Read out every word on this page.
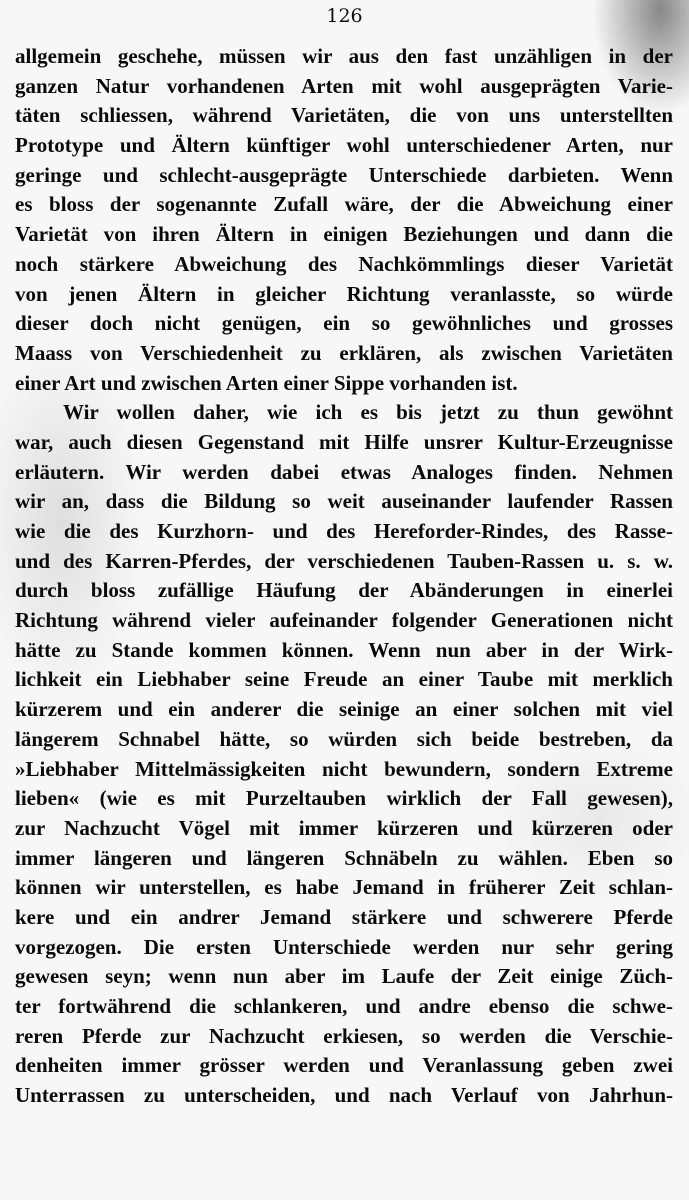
126
allgemein geschehe, müssen wir aus den fast unzähligen in der
ganzen Natur vorhandenen Arten mit wohl ausgeprägten Varie-
täten schliessen, während Varietäten, die von uns unterstellten
Prototype und Ältern künftiger wohl unterschiedener Arten, nur
geringe und schlecht-ausgeprägte Unterschiede darbieten. Wenn
es bloss der sogenannte Zufall wäre, der die Abweichung einer
Varietät von ihren Ältern in einigen Beziehungen und dann die
noch stärkere Abweichung des Nachkömmlings dieser Varietät
von jenen Ältern in gleicher Richtung veranlasste, so würde
dieser doch nicht genügen, ein so gewöhnliches und grosses
Maass von Verschiedenheit zu erklären, als zwischen Varietäten
einer Art und zwischen Arten einer Sippe vorhanden ist.
Wir wollen daher, wie ich es bis jetzt zu thun gewöhnt
war, auch diesen Gegenstand mit Hilfe unsrer Kultur-Erzeugnisse
erläutern. Wir werden dabei etwas Analoges finden. Nehmen
wir an, dass die Bildung so weit auseinander laufender Rassen
wie die des Kurzhorn- und des Hereforder-Rindes, des Rasse-
und des Karren-Pferdes, der verschiedenen Tauben-Rassen u. s. w.
durch bloss zufällige Häufung der Abänderungen in einerlei
Richtung während vieler aufeinander folgender Generationen nicht
hätte zu Stande kommen können. Wenn nun aber in der Wirk-
lichkeit ein Liebhaber seine Freude an einer Taube mit merklich
kürzerem und ein anderer die seinige an einer solchen mit viel
längerem Schnabel hätte, so würden sich beide bestreben, da
»Liebhaber Mittelmässigkeiten nicht bewundern, sondern Extreme
lieben« (wie es mit Purzeltauben wirklich der Fall gewesen),
zur Nachzucht Vögel mit immer kürzeren und kürzeren oder
immer längeren und längeren Schnäbeln zu wählen. Eben so
können wir unterstellen, es habe Jemand in früherer Zeit schlan-
kere und ein andrer Jemand stärkere und schwerere Pferde
vorgezogen. Die ersten Unterschiede werden nur sehr gering
gewesen seyn; wenn nun aber im Laufe der Zeit einige Züch-
ter fortwährend die schlankeren, und andre ebenso die schwe-
reren Pferde zur Nachzucht erkiesen, so werden die Verschie-
denheiten immer grösser werden und Veranlassung geben zwei
Unterrassen zu unterscheiden, und nach Verlauf von Jahrhun-
